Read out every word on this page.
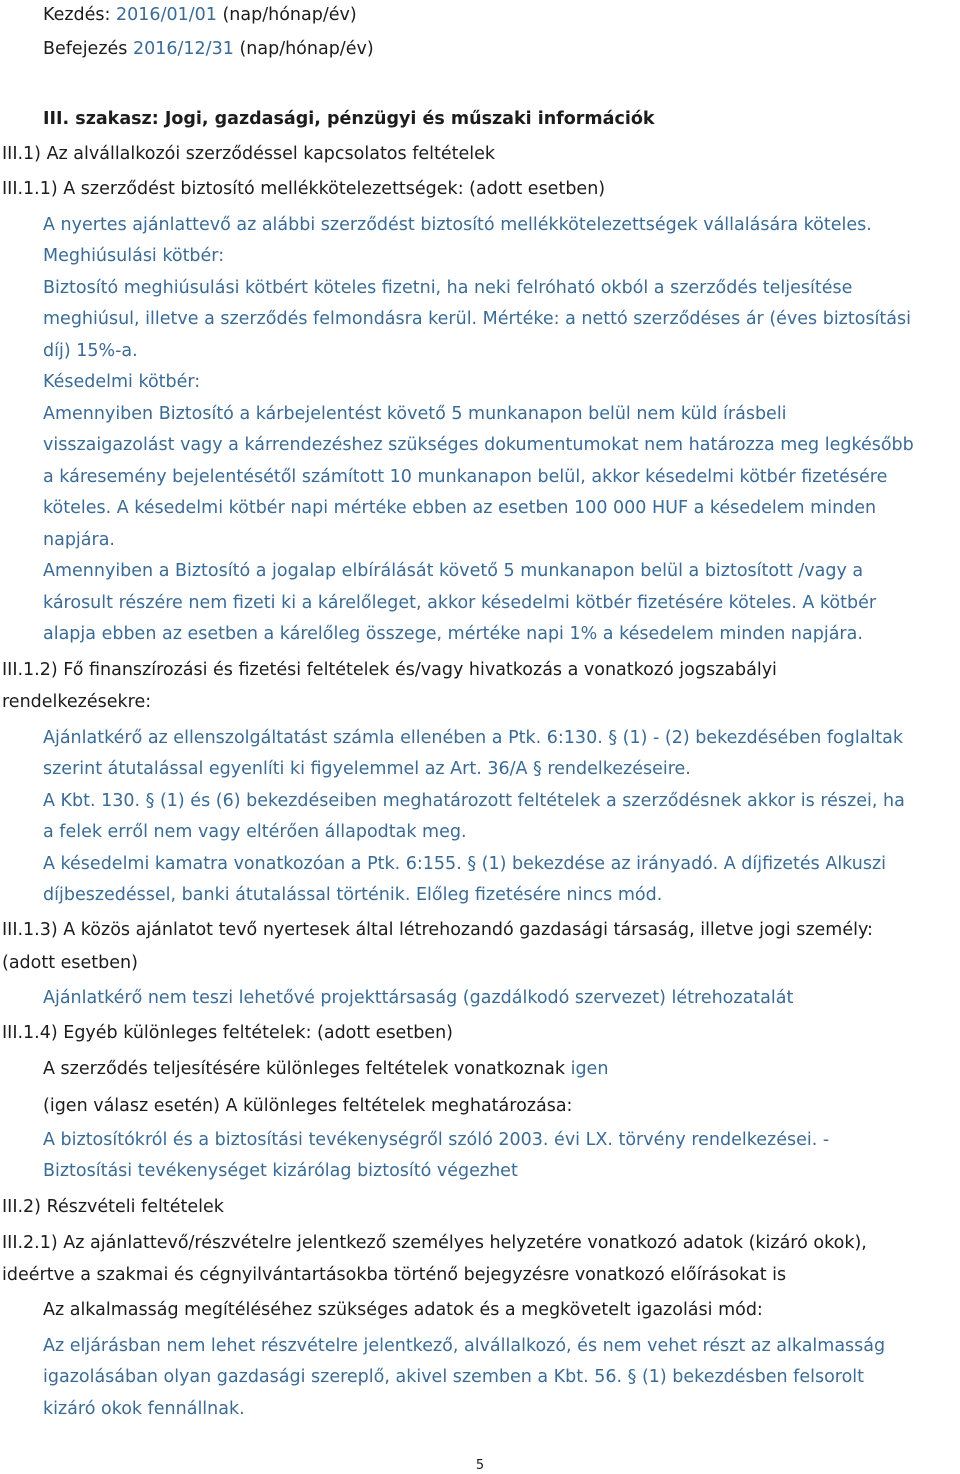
Kezdés: 2016/01/01 (nap/hónap/év)
Befejezés 2016/12/31 (nap/hónap/év)
III. szakasz: Jogi, gazdasági, pénzügyi és műszaki információk
III.1) Az alvállalkozói szerződéssel kapcsolatos feltételek
III.1.1) A szerződést biztosító mellékkötelezettségek: (adott esetben)
A nyertes ajánlattevő az alábbi szerződést biztosító mellékkötelezettségek vállalására köteles.
Meghiúsulási kötbér:
Biztosító meghiúsulási kötbért köteles fizetni, ha neki felróható okból a szerződés teljesítése
meghiúsul, illetve a szerződés felmondásra kerül. Mértéke: a nettó szerződéses ár (éves biztosítási
díj) 15%-a.
Késedelmi kötbér:
Amennyiben Biztosító a kárbejelentést követő 5 munkanapon belül nem küld írásbeli
visszaigazolást vagy a kárrendezéshez szükséges dokumentumokat nem határozza meg legkésőbb
a káresemény bejelentésétől számított 10 munkanapon belül, akkor késedelmi kötbér fizetésére
köteles. A késedelmi kötbér napi mértéke ebben az esetben 100 000 HUF a késedelem minden
napjára.
Amennyiben a Biztosító a jogalap elbírálását követő 5 munkanapon belül a biztosított /vagy a
károsult részére nem fizeti ki a kárelőleget, akkor késedelmi kötbér fizetésére köteles. A kötbér
alapja ebben az esetben a kárelőleg összege, mértéke napi 1% a késedelem minden napjára.
III.1.2) Fő finanszírozási és fizetési feltételek és/vagy hivatkozás a vonatkozó jogszabályi
rendelkezésekre:
Ajánlatkérő az ellenszolgáltatást számla ellenében a Ptk. 6:130. § (1) - (2) bekezdésében foglaltak
szerint átutalással egyenlíti ki figyelemmel az Art. 36/A § rendelkezéseire.
A Kbt. 130. § (1) és (6) bekezdéseiben meghatározott feltételek a szerződésnek akkor is részei, ha
a felek erről nem vagy eltérően állapodtak meg.
A késedelmi kamatra vonatkozóan a Ptk. 6:155. § (1) bekezdése az irányadó. A díjfizetés Alkuszi
díjbeszedéssel, banki átutalással történik. Előleg fizetésére nincs mód.
III.1.3) A közös ajánlatot tevő nyertesek által létrehozandó gazdasági társaság, illetve jogi személy:
(adott esetben)
Ajánlatkérő nem teszi lehetővé projekttársaság (gazdálkodó szervezet) létrehozatalát
III.1.4) Egyéb különleges feltételek: (adott esetben)
A szerződés teljesítésére különleges feltételek vonatkoznak igen
(igen válasz esetén) A különleges feltételek meghatározása:
A biztosítókról és a biztosítási tevékenységről szóló 2003. évi LX. törvény rendelkezései. -
Biztosítási tevékenységet kizárólag biztosító végezhet
III.2) Részvételi feltételek
III.2.1) Az ajánlattevő/részvételre jelentkező személyes helyzetére vonatkozó adatok (kizáró okok),
ideértve a szakmai és cégnyilvántartásokba történő bejegyzésre vonatkozó előírásokat is
Az alkalmasság megítéléséhez szükséges adatok és a megkövetelt igazolási mód:
Az eljárásban nem lehet részvételre jelentkező, alvállalkozó, és nem vehet részt az alkalmasság
igazolásában olyan gazdasági szereplő, akivel szemben a Kbt. 56. § (1) bekezdésben felsorolt
kizáró okok fennállnak.
5
